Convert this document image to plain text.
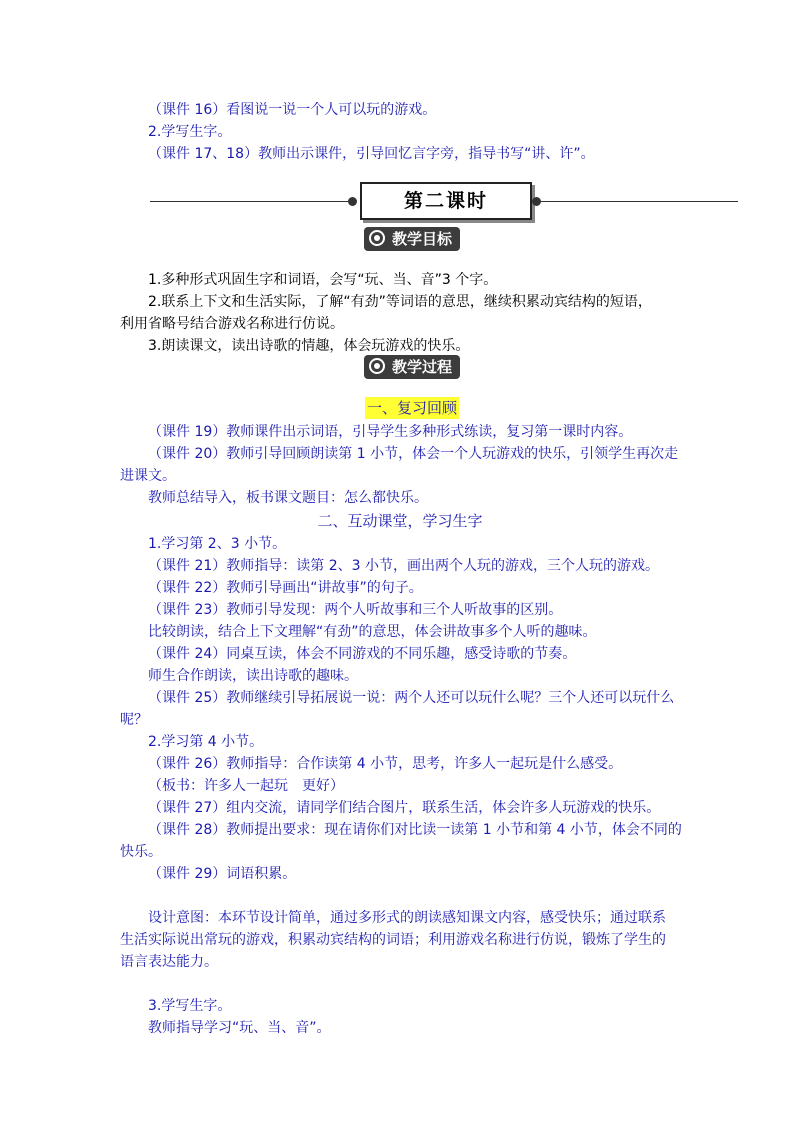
（课件 16）看图说一说一个人可以玩的游戏。
2.学写生字。
（课件 17、18）教师出示课件，引导回忆言字旁，指导书写“讲、许”。
第二课时
教学目标
1.多种形式巩固生字和词语，会写“玩、当、音”3 个字。
2.联系上下文和生活实际，了解“有劲”等词语的意思，继续积累动宾结构的短语，
利用省略号结合游戏名称进行仿说。
3.朗读课文，读出诗歌的情趣，体会玩游戏的快乐。
教学过程
一、复习回顾
（课件 19）教师课件出示词语，引导学生多种形式练读，复习第一课时内容。
（课件 20）教师引导回顾朗读第 1 小节，体会一个人玩游戏的快乐，引领学生再次走
进课文。
教师总结导入，板书课文题目：怎么都快乐。
二、互动课堂，学习生字
1.学习第 2、3 小节。
（课件 21）教师指导：读第 2、3 小节，画出两个人玩的游戏，三个人玩的游戏。
（课件 22）教师引导画出“讲故事”的句子。
（课件 23）教师引导发现：两个人听故事和三个人听故事的区别。
比较朗读，结合上下文理解“有劲”的意思，体会讲故事多个人听的趣味。
（课件 24）同桌互读，体会不同游戏的不同乐趣，感受诗歌的节奏。
师生合作朗读，读出诗歌的趣味。
（课件 25）教师继续引导拓展说一说：两个人还可以玩什么呢？三个人还可以玩什么
呢？
2.学习第 4 小节。
（课件 26）教师指导：合作读第 4 小节，思考，许多人一起玩是什么感受。
（板书：许多人一起玩　更好）
（课件 27）组内交流，请同学们结合图片，联系生活，体会许多人玩游戏的快乐。
（课件 28）教师提出要求：现在请你们对比读一读第 1 小节和第 4 小节，体会不同的
快乐。
（课件 29）词语积累。
设计意图：本环节设计简单，通过多形式的朗读感知课文内容，感受快乐；通过联系
生活实际说出常玩的游戏，积累动宾结构的词语；利用游戏名称进行仿说，锻炼了学生的
语言表达能力。
3.学写生字。
教师指导学习“玩、当、音”。
